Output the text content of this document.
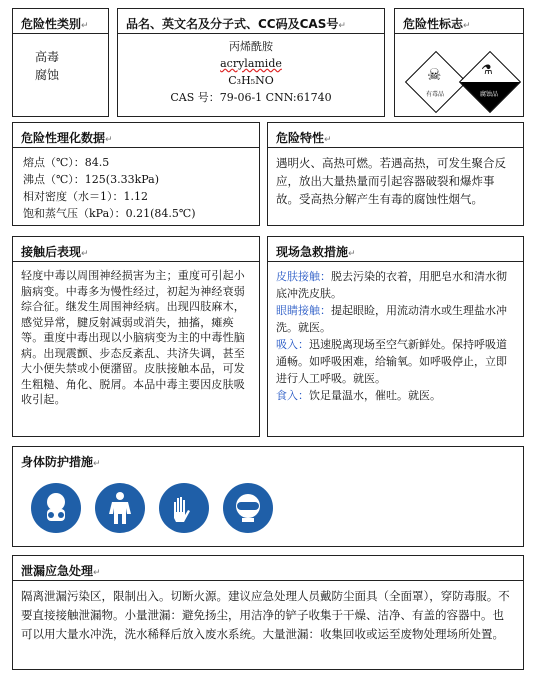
危险性类别↵
高毒
腐蚀
品名、英文名及分子式、CC码及CAS号↵
丙烯酰胺
acrylamide
C₃H₅NO
CAS 号：79-06-1 CNN:61740
危险性标志↵
☠
有毒品
⚗
腐蚀品
危险性理化数据↵
熔点（℃）：84.5
沸点（℃）：125(3.33kPa)
相对密度（水＝1）：1.12
饱和蒸气压（kPa）：0.21(84.5℃)
危险特性↵
遇明火、高热可燃。若遇高热，可发生聚合反应，放出大量热量而引起容器破裂和爆炸事故。受高热分解产生有毒的腐蚀性烟气。
接触后表现↵
轻度中毒以周围神经损害为主；重度可引起小脑病变。中毒多为慢性经过，初起为神经衰弱综合征。继发生周围神经病。出现四肢麻木，感觉异常，腱反射减弱或消失，抽搐，瘫痪等。重度中毒出现以小脑病变为主的中毒性脑病。出现震颤、步态反紊乱、共济失调，甚至大小便失禁或小便潴留。皮肤接触本品，可发生粗糙、角化、脱屑。本品中毒主要因皮肤吸收引起。
现场急救措施↵
皮肤接触：脱去污染的衣着，用肥皂水和清水彻底冲洗皮肤。
眼睛接触：提起眼睑，用流动清水或生理盐水冲洗。就医。
吸入：迅速脱离现场至空气新鲜处。保持呼吸道通畅。如呼吸困难，给输氧。如呼吸停止，立即进行人工呼吸。就医。
食入：饮足量温水，催吐。就医。
身体防护措施↵
泄漏应急处理↵
隔离泄漏污染区，限制出入。切断火源。建议应急处理人员戴防尘面具（全面罩），穿防毒服。不要直接接触泄漏物。小量泄漏：避免扬尘，用洁净的铲子收集于干燥、洁净、有盖的容器中。也可以用大量水冲洗，洗水稀释后放入废水系统。大量泄漏：收集回收或运至废物处理场所处置。
